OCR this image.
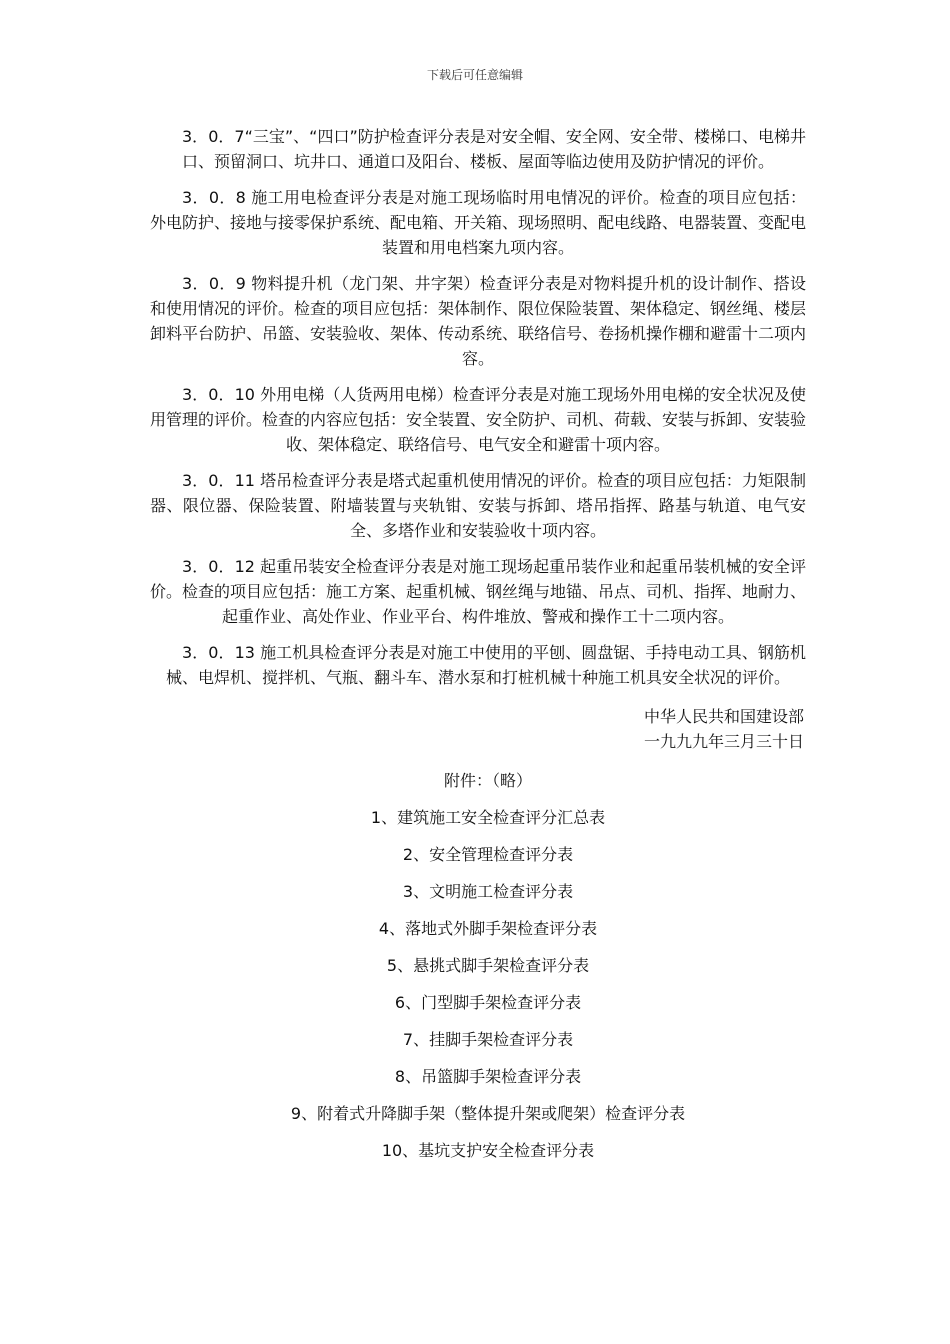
下载后可任意编辑

3．0．7“三宝”、“四口”防护检查评分表是对安全帽、安全网、安全带、楼梯口、电梯井口、预留洞口、坑井口、通道口及阳台、楼板、屋面等临边使用及防护情况的评价。

3．0．8 施工用电检查评分表是对施工现场临时用电情况的评价。检查的项目应包括：外电防护、接地与接零保护系统、配电箱、开关箱、现场照明、配电线路、电器装置、变配电装置和用电档案九项内容。

3．0．9 物料提升机（龙门架、井字架）检查评分表是对物料提升机的设计制作、搭设和使用情况的评价。检查的项目应包括：架体制作、限位保险装置、架体稳定、钢丝绳、楼层卸料平台防护、吊篮、安装验收、架体、传动系统、联络信号、卷扬机操作棚和避雷十二项内容。

3．0．10 外用电梯（人货两用电梯）检查评分表是对施工现场外用电梯的安全状况及使用管理的评价。检查的内容应包括：安全装置、安全防护、司机、荷载、安装与拆卸、安装验收、架体稳定、联络信号、电气安全和避雷十项内容。

3．0．11 塔吊检查评分表是塔式起重机使用情况的评价。检查的项目应包括：力矩限制器、限位器、保险装置、附墙装置与夹轨钳、安装与拆卸、塔吊指挥、路基与轨道、电气安全、多塔作业和安装验收十项内容。

3．0．12 起重吊装安全检查评分表是对施工现场起重吊装作业和起重吊装机械的安全评价。检查的项目应包括：施工方案、起重机械、钢丝绳与地锚、吊点、司机、指挥、地耐力、起重作业、高处作业、作业平台、构件堆放、警戒和操作工十二项内容。

3．0．13 施工机具检查评分表是对施工中使用的平刨、圆盘锯、手持电动工具、钢筋机械、电焊机、搅拌机、气瓶、翻斗车、潜水泵和打桩机械十种施工机具安全状况的评价。

中华人民共和国建设部
一九九九年三月三十日
附件：（略）
1、建筑施工安全检查评分汇总表
2、安全管理检查评分表
3、文明施工检查评分表
4、落地式外脚手架检查评分表
5、悬挑式脚手架检查评分表
6、门型脚手架检查评分表
7、挂脚手架检查评分表
8、吊篮脚手架检查评分表
9、附着式升降脚手架（整体提升架或爬架）检查评分表
10、基坑支护安全检查评分表
